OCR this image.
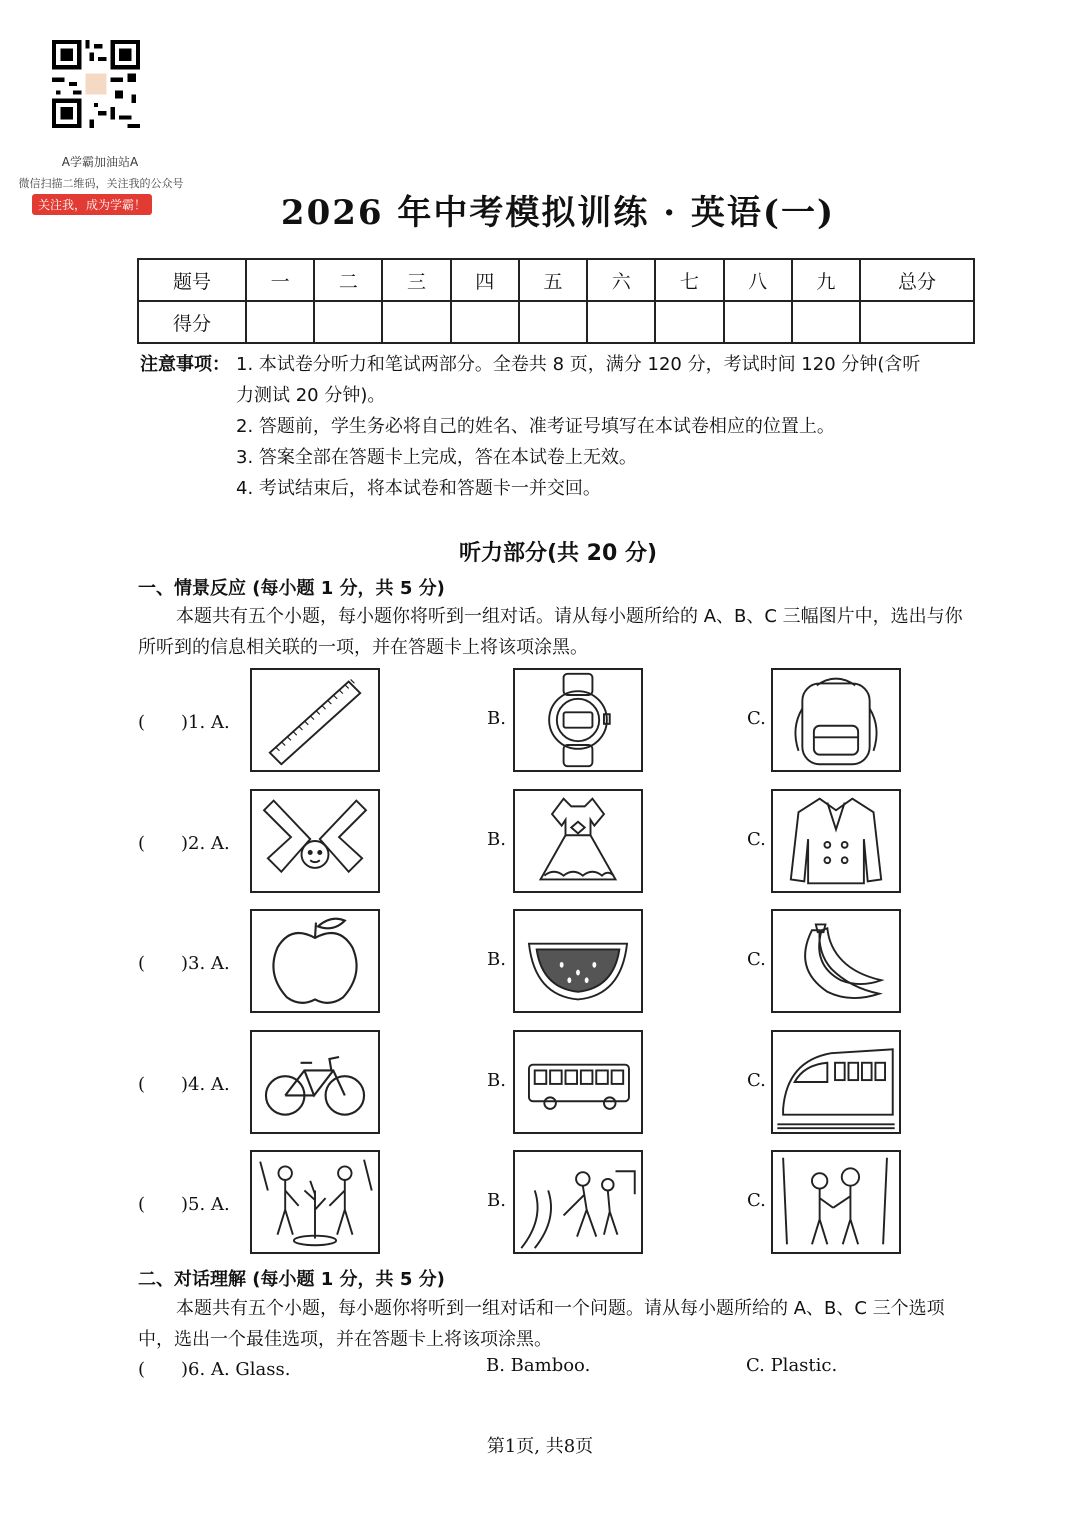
A学霸加油站A
微信扫描二维码，关注我的公众号
关注我，成为学霸！	2026 年中考模拟训练 · 英语(一)
题号	一	二	三	四	五	六	七	八	九	总分
得分										
注意事项： 1. 本试卷分听力和笔试两部分。全卷共 8 页，满分 120 分，考试时间 120 分钟(含听
力测试 20 分钟)。
2. 答题前，学生务必将自己的姓名、准考证号填写在本试卷相应的位置上。
3. 答案全部在答题卡上完成，答在本试卷上无效。
4. 考试结束后，将本试卷和答题卡一并交回。
听力部分(共 20 分)
一、情景反应 (每小题 1 分，共 5 分)
本题共有五个小题，每小题你将听到一组对话。请从每小题所给的 A、B、C 三幅图片中，选出与你所听到的信息相关联的一项，并在答题卡上将该项涂黑。
(　　)1. A.	B.	C.
(　　)2. A.	B.	C.
(　　)3. A.	B.	C.
(　　)4. A.	B.	C.
(　　)5. A.	B.	C.
二、对话理解 (每小题 1 分，共 5 分)
本题共有五个小题，每小题你将听到一组对话和一个问题。请从每小题所给的 A、B、C 三个选项中，选出一个最佳选项，并在答题卡上将该项涂黑。
(　　)6. A. Glass.	B. Bamboo.	C. Plastic.
第1页, 共8页
